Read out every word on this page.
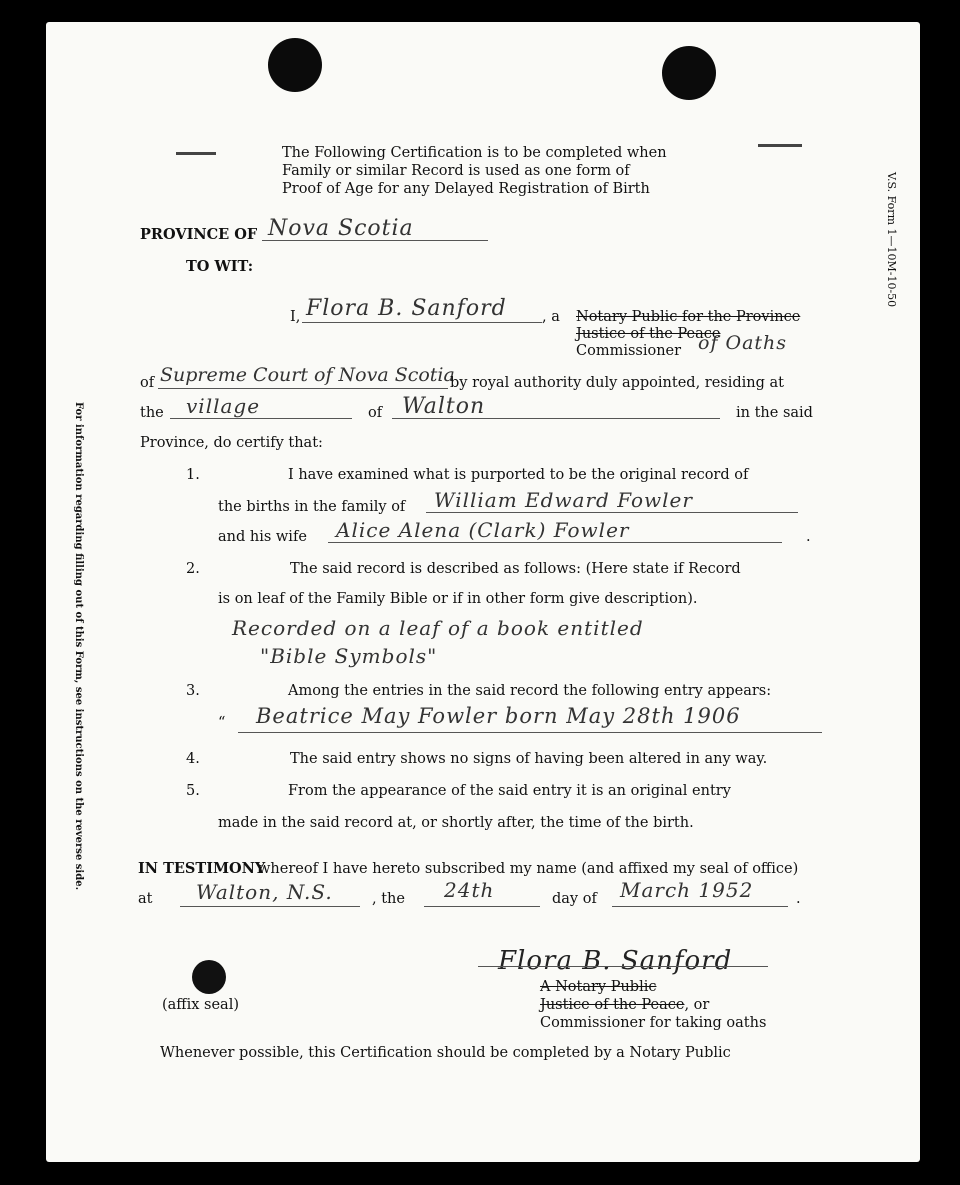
The Following Certification is to be completed when
Family or similar Record is used as one form of
Proof of Age for any Delayed Registration of Birth	V.S. Form 1—10M-10-50
For information regarding filling out of this Form, see instructions on the reverse side.
PROVINCE OF Nova Scotia
TO WIT:
I, Flora B. Sanford , a Notary Public for the Province
Justice of the Peace
Commissioner of Oaths
of Supreme Court of Nova Scotia
by royal authority duly appointed, residing at
the village	of Walton	in the said
Province, do certify that:
1.	I have examined what is purported to be the original record of
the births in the family of William Edward Fowler
and his wife Alice Alena (Clark) Fowler	.
2.	The said record is described as follows: (Here state if Record
is on leaf of the Family Bible or if in other form give description).
Recorded on a leaf of a book entitled
"Bible Symbols"
3.	Among the entries in the said record the following entry appears:
“ Beatrice May Fowler born May 28th 1906
4.	The said entry shows no signs of having been altered in any way.
5.	From the appearance of the said entry it is an original entry
made in the said record at, or shortly after, the time of the birth.
IN TESTIMONY
whereof I have hereto subscribed my name (and affixed my seal of office)
at Walton, N.S.	, the 24th	day of March 1952	.
Flora B. Sanford
A Notary Public
Justice of the Peace, or
Commissioner for taking oaths
(affix seal)
Whenever possible, this Certification should be completed by a Notary Public
